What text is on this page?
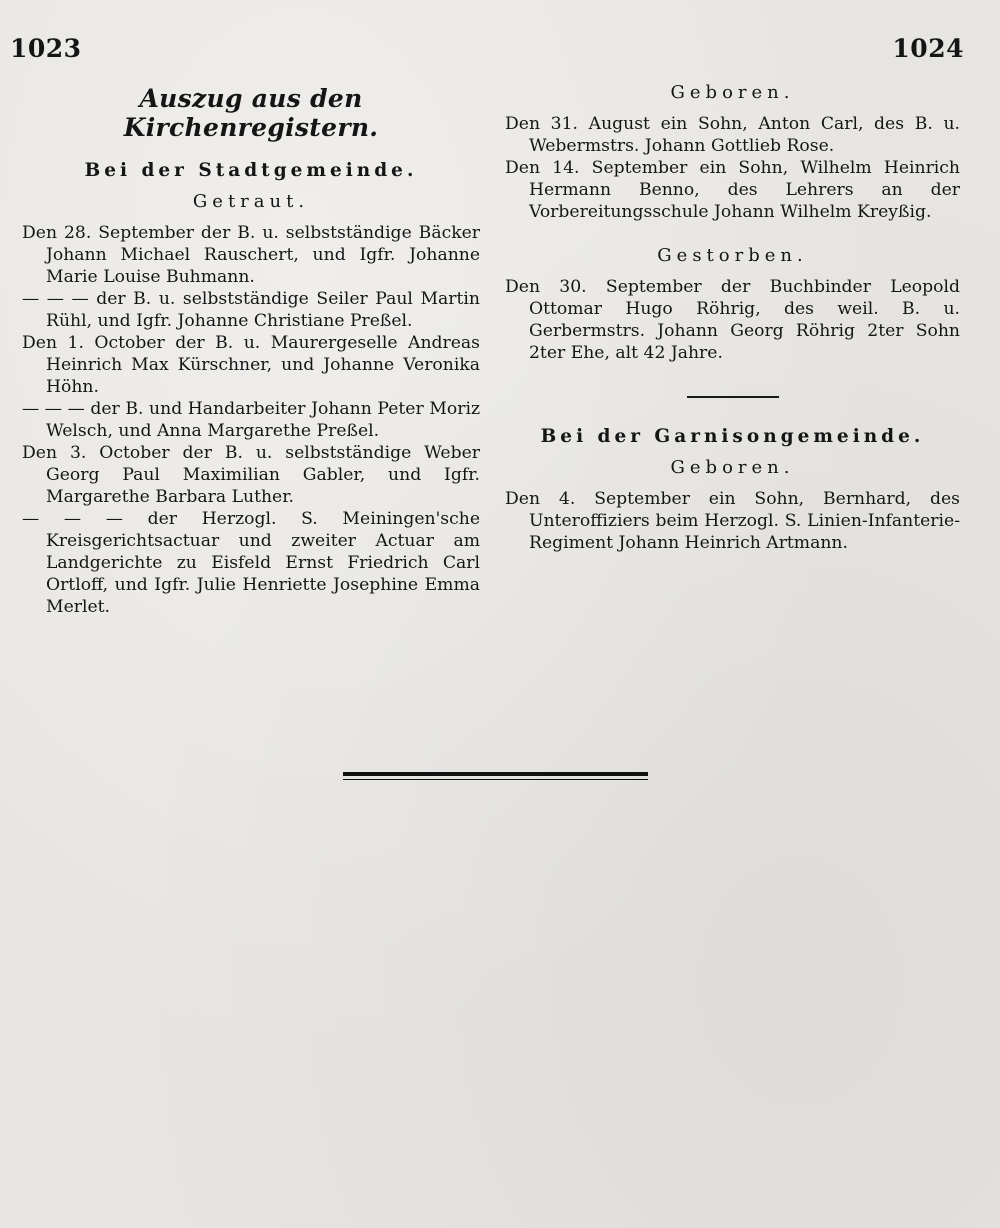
1023	1024
Auszug aus den Kirchenregistern.
Bei der Stadtgemeinde.
Getraut.

Den 28. September der B. u. selbstständige Bäcker Johann Michael Rauschert, und Igfr. Johanne Marie Louise Buhmann.

— — — der B. u. selbstständige Seiler Paul Martin Rühl, und Igfr. Johanne Christiane Preßel.

Den 1. October der B. u. Maurergeselle Andreas Heinrich Max Kürschner, und Johanne Veronika Höhn.

— — — der B. und Handarbeiter Johann Peter Moriz Welsch, und Anna Margarethe Preßel.

Den 3. October der B. u. selbstständige Weber Georg Paul Maximilian Gabler, und Igfr. Margarethe Barbara Luther.

— — — der Herzogl. S. Meiningen'sche Kreisgerichtsactuar und zweiter Actuar am Landgerichte zu Eisfeld Ernst Friedrich Carl Ortloff, und Igfr. Julie Henriette Josephine Emma Merlet.

Geboren.

Den 31. August ein Sohn, Anton Carl, des B. u. Webermstrs. Johann Gottlieb Rose.

Den 14. September ein Sohn, Wilhelm Heinrich Hermann Benno, des Lehrers an der Vorbereitungsschule Johann Wilhelm Kreyßig.

Gestorben.

Den 30. September der Buchbinder Leopold Ottomar Hugo Röhrig, des weil. B. u. Gerbermstrs. Johann Georg Röhrig 2ter Sohn 2ter Ehe, alt 42 Jahre.

Bei der Garnisongemeinde.
Geboren.

Den 4. September ein Sohn, Bernhard, des Unteroffiziers beim Herzogl. S. Linien-Infanterie-Regiment Johann Heinrich Artmann.
